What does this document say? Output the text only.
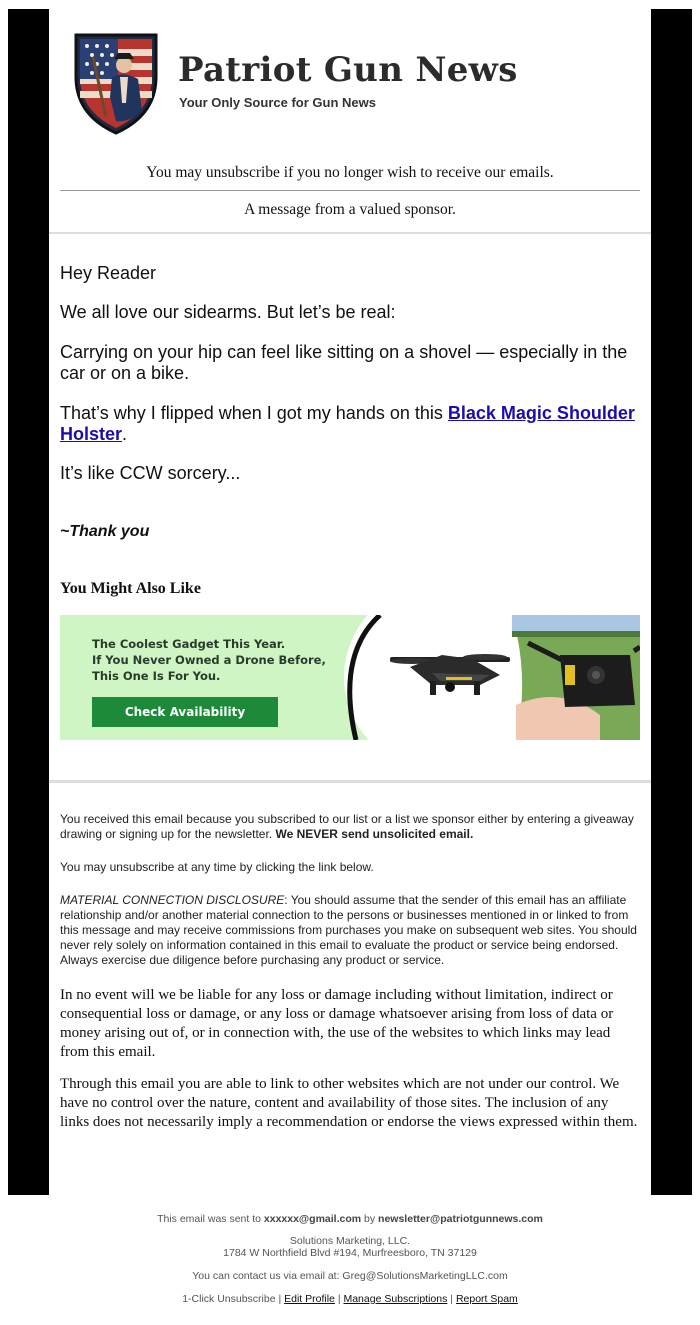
Patriot Gun News
Your Only Source for Gun News
You may unsubscribe if you no longer wish to receive our emails.
A message from a valued sponsor.
Hey Reader
We all love our sidearms. But let’s be real:
Carrying on your hip can feel like sitting on a shovel — especially in the car or on a bike.
That’s why I flipped when I got my hands on this Black Magic Shoulder Holster.
It’s like CCW sorcery...
~Thank you
You Might Also Like
The Coolest Gadget This Year.
If You Never Owned a Drone Before,
This One Is For You.
Check Availability
You received this email because you subscribed to our list or a list we sponsor either by entering a giveaway drawing or signing up for the newsletter. We NEVER send unsolicited email.
You may unsubscribe at any time by clicking the link below.
MATERIAL CONNECTION DISCLOSURE: You should assume that the sender of this email has an affiliate relationship and/or another material connection to the persons or businesses mentioned in or linked to from this message and may receive commissions from purchases you make on subsequent web sites. You should never rely solely on information contained in this email to evaluate the product or service being endorsed. Always exercise due diligence before purchasing any product or service.
In no event will we be liable for any loss or damage including without limitation, indirect or consequential loss or damage, or any loss or damage whatsoever arising from loss of data or money arising out of, or in connection with, the use of the websites to which links may lead from this email.
Through this email you are able to link to other websites which are not under our control. We have no control over the nature, content and availability of those sites. The inclusion of any links does not necessarily imply a recommendation or endorse the views expressed within them.
This email was sent to xxxxxx@gmail.com by newsletter@patriotgunnews.com
Solutions Marketing, LLC.
1784 W Northfield Blvd #194, Murfreesboro, TN 37129
You can contact us via email at: Greg@SolutionsMarketingLLC.com
1-Click Unsubscribe | Edit Profile | Manage Subscriptions | Report Spam
